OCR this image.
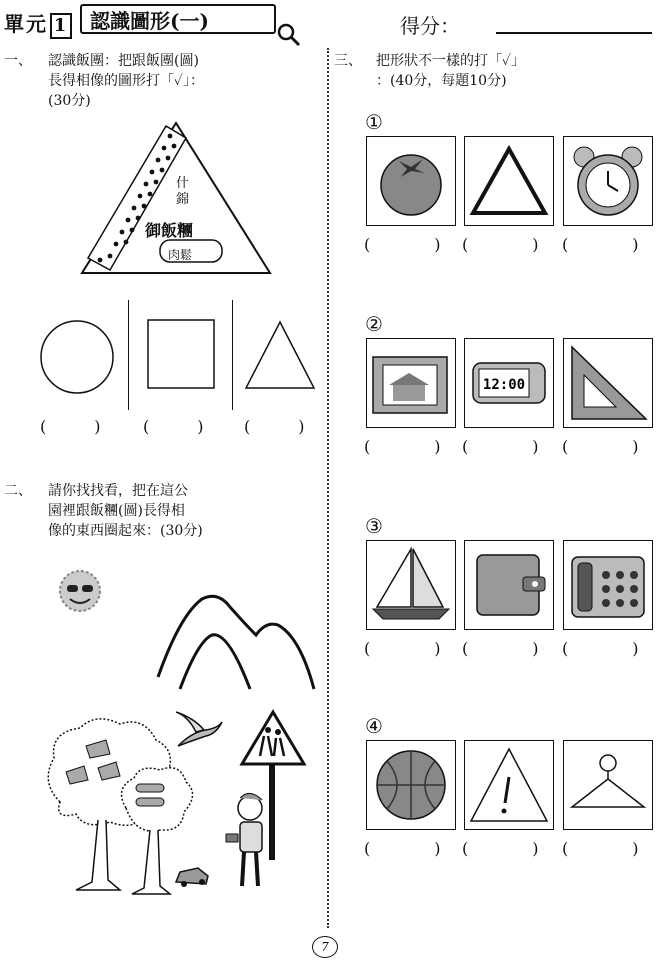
單元 1	認識圖形(一)	得分：
一、 認識飯團：把跟飯團(圖)
長得相像的圖形打「✓」：
(30分)
什
錦
御飯糰
肉鬆
(　　　)	(　　　)	(　　　)
二、 請你找找看，把在這公
園裡跟飯糰(圖)長得相
像的東西圈起來：(30分)
三、 把形狀不一樣的打「✓」
：(40分，每題10分)
①
(　　　　) (　　　　) (　　　　)
②
12:00
(　　　　) (　　　　) (　　　　)
③
(　　　　) (　　　　) (　　　　)
④
(　　　　) (　　　　) (　　　　)
7
